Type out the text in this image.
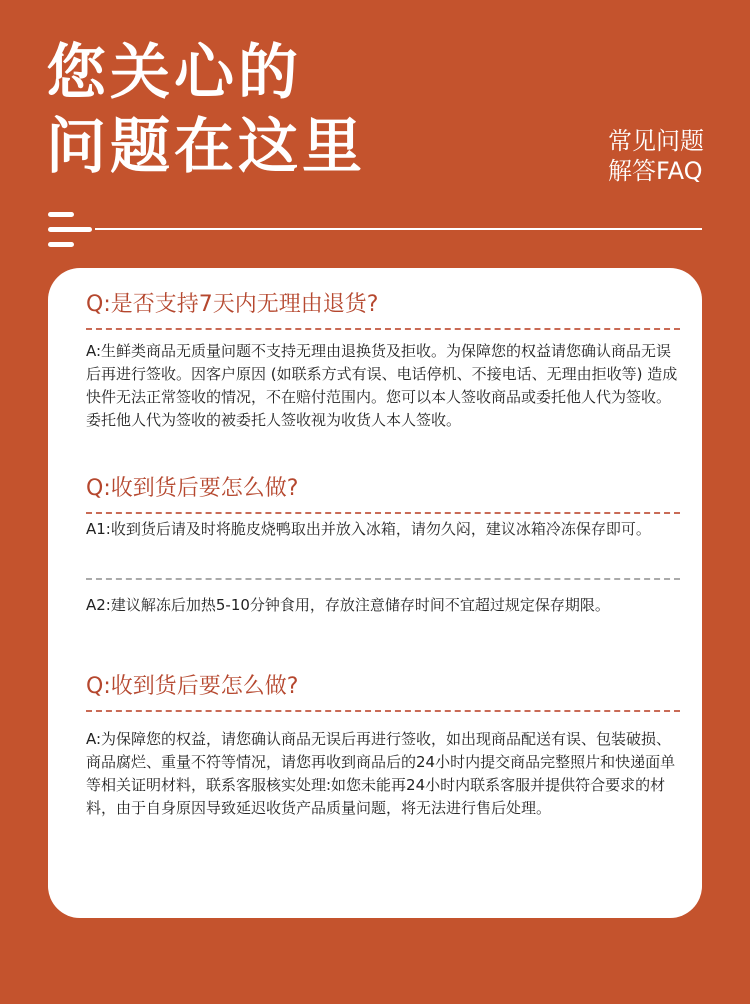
您关心的
问题在这里	常见问题
解答FAQ
Q:是否支持7天内无理由退货?
A:生鲜类商品无质量问题不支持无理由退换货及拒收。为保障您的权益请您确认商品无误后再进行签收。因客户原因 (如联系方式有误、电话停机、不接电话、无理由拒收等) 造成快件无法正常签收的情况，不在赔付范围内。您可以本人签收商品或委托他人代为签收。委托他人代为签收的被委托人签收视为收货人本人签收。
Q:收到货后要怎么做?
A1:收到货后请及时将脆皮烧鸭取出并放入冰箱，请勿久闷，建议冰箱冷冻保存即可。
A2:建议解冻后加热5-10分钟食用，存放注意储存时间不宜超过规定保存期限。
Q:收到货后要怎么做?
A:为保障您的权益，请您确认商品无误后再进行签收，如出现商品配送有误、包装破损、商品腐烂、重量不符等情况，请您再收到商品后的24小时内提交商品完整照片和快递面单等相关证明材料，联系客服核实处理:如您未能再24小时内联系客服并提供符合要求的材料，由于自身原因导致延迟收货产品质量问题，将无法进行售后处理。
